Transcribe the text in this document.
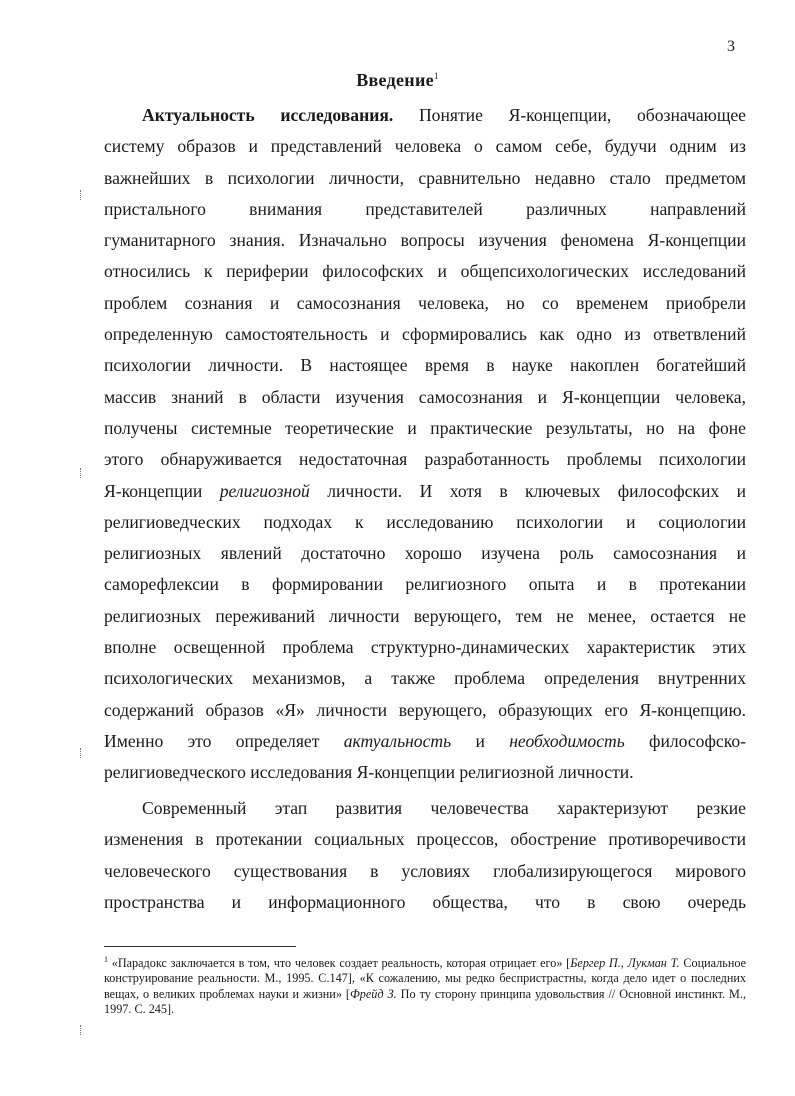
3
Введение$^1$
Актуальность исследования. Понятие Я-концепции, обозначающее
систему образов и представлений человека о самом себе, будучи одним из
важнейших в психологии личности, сравнительно недавно стало предметом
пристального внимания представителей различных направлений
гуманитарного знания. Изначально вопросы изучения феномена Я-концепции
относились к периферии философских и общепсихологических исследований
проблем сознания и самосознания человека, но со временем приобрели
определенную самостоятельность и сформировались как одно из ответвлений
психологии личности. В настоящее время в науке накоплен богатейший
массив знаний в области изучения самосознания и Я-концепции человека,
получены системные теоретические и практические результаты, но на фоне
этого обнаруживается недостаточная разработанность проблемы психологии
Я-концепции религиозной личности. И хотя в ключевых философских и
религиоведческих подходах к исследованию психологии и социологии
религиозных явлений достаточно хорошо изучена роль самосознания и
саморефлексии в формировании религиозного опыта и в протекании
религиозных переживаний личности верующего, тем не менее, остается не
вполне освещенной проблема структурно-динамических характеристик этих
психологических механизмов, а также проблема определения внутренних
содержаний образов «Я» личности верующего, образующих его Я-концепцию.
Именно это определяет актуальность и необходимость философско-
религиоведческого исследования Я-концепции религиозной личности.
Современный этап развития человечества характеризуют резкие
изменения в протекании социальных процессов, обострение противоречивости
человеческого существования в условиях глобализирующегося мирового
пространства и информационного общества, что в свою очередь

$^1$ «Парадокс заключается в том, что человек создает реальность, которая отрицает его» [Бергер П., Лукман Т. Социальное конструирование реальности. М., 1995. С.147], «К сожалению, мы редко беспристрастны, когда дело идет о последних вещах, о великих проблемах науки и жизни» [Фрейд З. По ту сторону принципа удовольствия // Основной инстинкт. М., 1997. С. 245].
